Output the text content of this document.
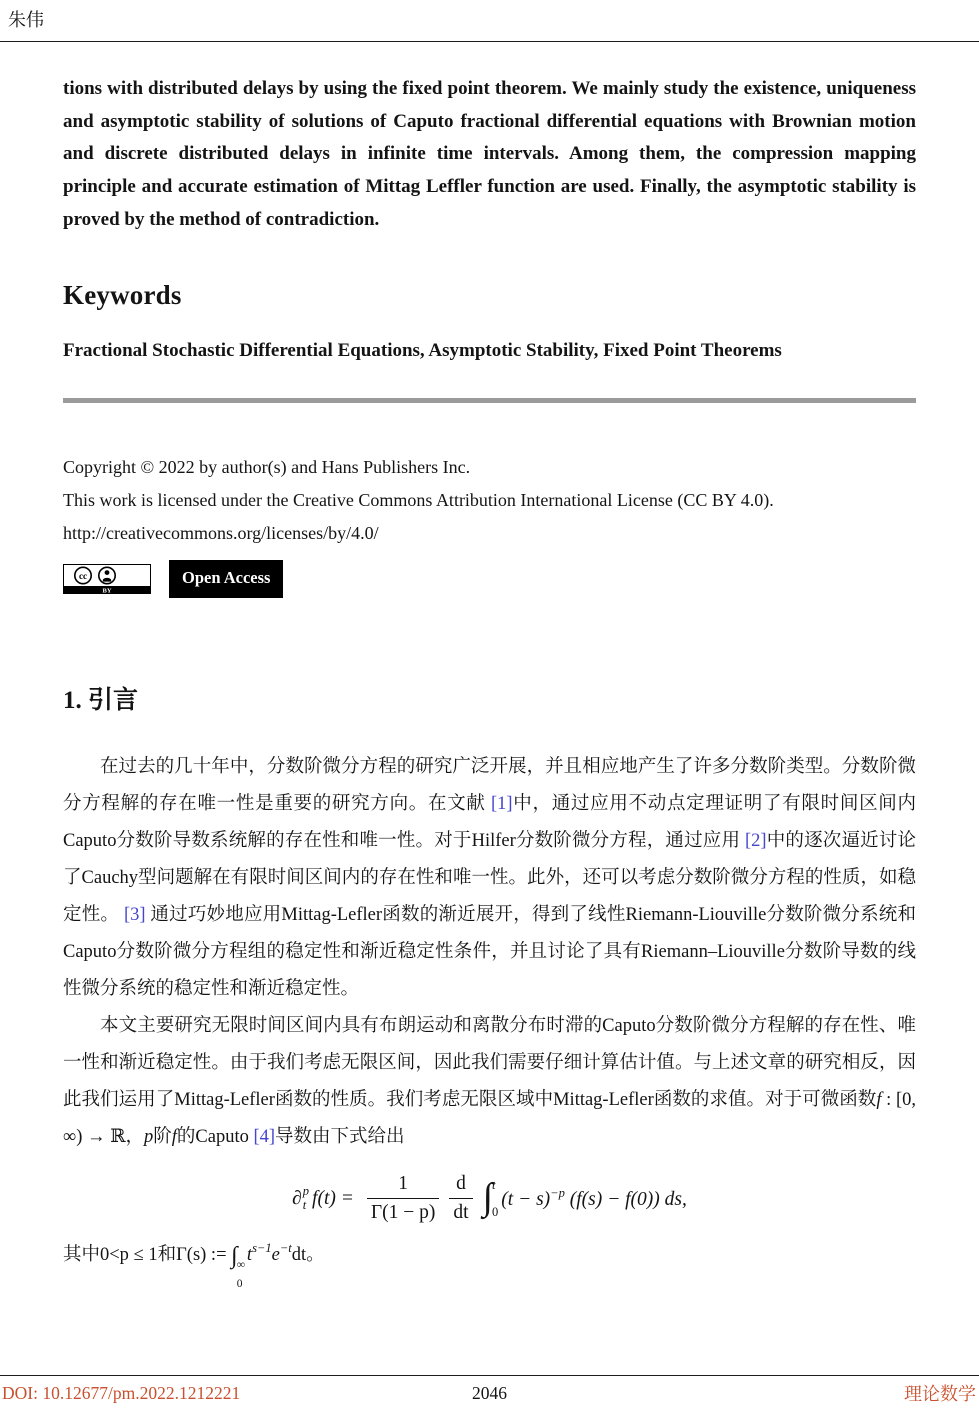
朱伟

tions with distributed delays by using the fixed point theorem. We mainly study the existence, uniqueness and asymptotic stability of solutions of Caputo fractional differential equations with Brownian motion and discrete distributed delays in infinite time intervals. Among them, the compression mapping principle and accurate estimation of Mittag Leffler function are used. Finally, the asymptotic stability is proved by the method of contradiction.

Keywords

Fractional Stochastic Differential Equations, Asymptotic Stability, Fixed Point Theorems

Copyright © 2022 by author(s) and Hans Publishers Inc.

This work is licensed under the Creative Commons Attribution International License (CC BY 4.0).

http://creativecommons.org/licenses/by/4.0/

cc
BY
Open Access
1. 引言

在过去的几十年中，分数阶微分方程的研究广泛开展，并且相应地产生了许多分数阶类型。分数阶微分方程解的存在唯一性是重要的研究方向。在文献 [1]中，通过应用不动点定理证明了有限时间区间内Caputo分数阶导数系统解的存在性和唯一性。对于Hilfer分数阶微分方程，通过应用 [2]中的逐次逼近讨论了Cauchy型问题解在有限时间区间内的存在性和唯一性。此外，还可以考虑分数阶微分方程的性质，如稳定性。 [3] 通过巧妙地应用Mittag-Lefler函数的渐近展开，得到了线性Riemann-Liouville分数阶微分系统和Caputo分数阶微分方程组的稳定性和渐近稳定性条件，并且讨论了具有Riemann–Liouville分数阶导数的线性微分系统的稳定性和渐近稳定性。

本文主要研究无限时间区间内具有布朗运动和离散分布时滞的Caputo分数阶微分方程解的存在性、唯一性和渐近稳定性。由于我们考虑无限区间，因此我们需要仔细计算估计值。与上述文章的研究相反，因此我们运用了Mittag-Lefler函数的性质。我们考虑无限区域中Mittag-Lefler函数的求值。对于可微函数f : [0, ∞) → ℝ，p阶f的Caputo [4]导数由下式给出

∂ p
t $f(t) = \frac{1}{\Gamma(1 - p)} \frac{d}{dt}$ ∫ t
0
$(t - s)^{-p}$ (f(s) − f(0)) ds,

其中0<p ≤ 1和Γ(s) := ∫ ∞
0
$t^{s-1}e^{-t}dt$。

DOI: 10.12677/pm.2022.1212221	2046	理论数学
